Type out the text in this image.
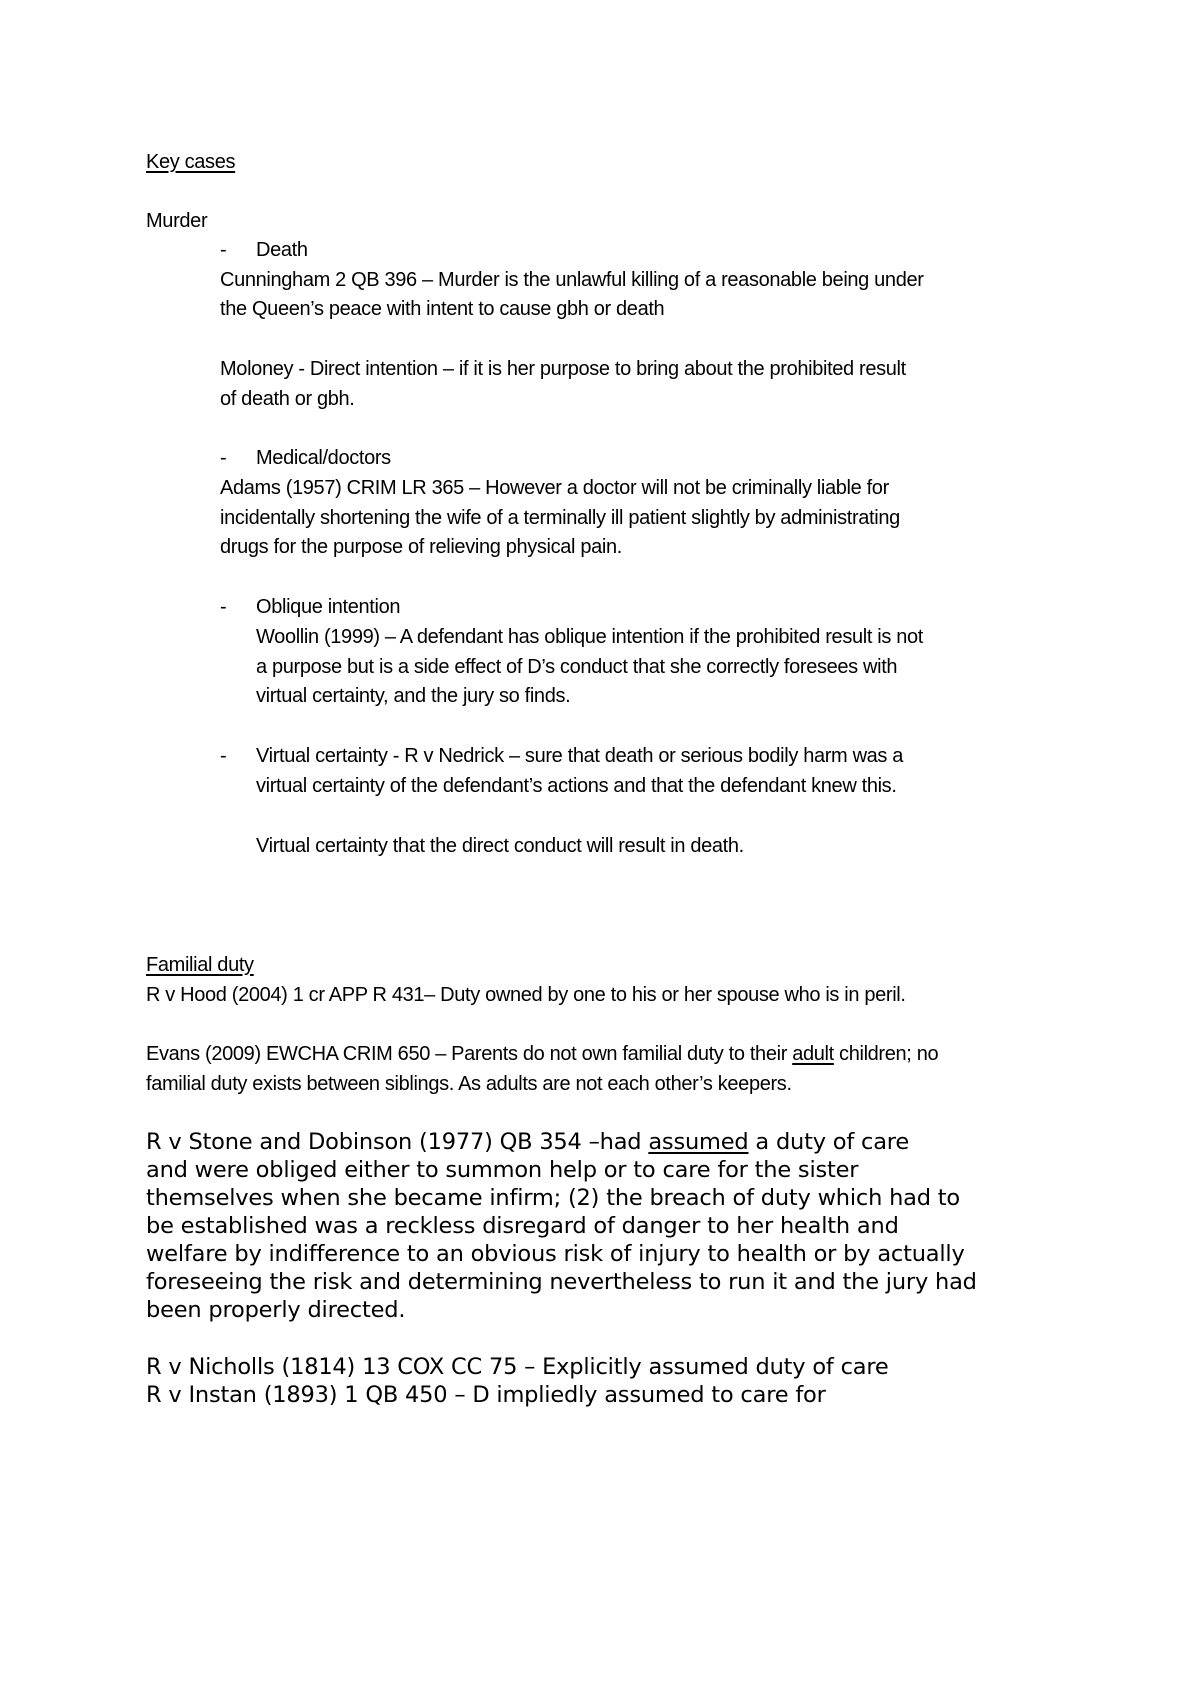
Key cases
Murder
- Death
Cunningham 2 QB 396 – Murder is the unlawful killing of a reasonable being under
the Queen’s peace with intent to cause gbh or death
Moloney - Direct intention – if it is her purpose to bring about the prohibited result
of death or gbh.
- Medical/doctors
Adams (1957) CRIM LR 365 – However a doctor will not be criminally liable for
incidentally shortening the wife of a terminally ill patient slightly by administrating
drugs for the purpose of relieving physical pain.
- Oblique intention
Woollin (1999) – A defendant has oblique intention if the prohibited result is not
a purpose but is a side effect of D’s conduct that she correctly foresees with
virtual certainty, and the jury so finds.
- Virtual certainty - R v Nedrick – sure that death or serious bodily harm was a
virtual certainty of the defendant’s actions and that the defendant knew this.
Virtual certainty that the direct conduct will result in death.
Familial duty
R v Hood (2004) 1 cr APP R 431– Duty owned by one to his or her spouse who is in peril.
Evans (2009) EWCHA CRIM 650 – Parents do not own familial duty to their adult children; no
familial duty exists between siblings. As adults are not each other’s keepers.
R v Stone and Dobinson (1977) QB 354 –had assumed a duty of care
and were obliged either to summon help or to care for the sister
themselves when she became infirm; (2) the breach of duty which had to
be established was a reckless disregard of danger to her health and
welfare by indifference to an obvious risk of injury to health or by actually
foreseeing the risk and determining nevertheless to run it and the jury had
been properly directed.
R v Nicholls (1814) 13 COX CC 75 – Explicitly assumed duty of care
R v Instan (1893) 1 QB 450 – D impliedly assumed to care for
